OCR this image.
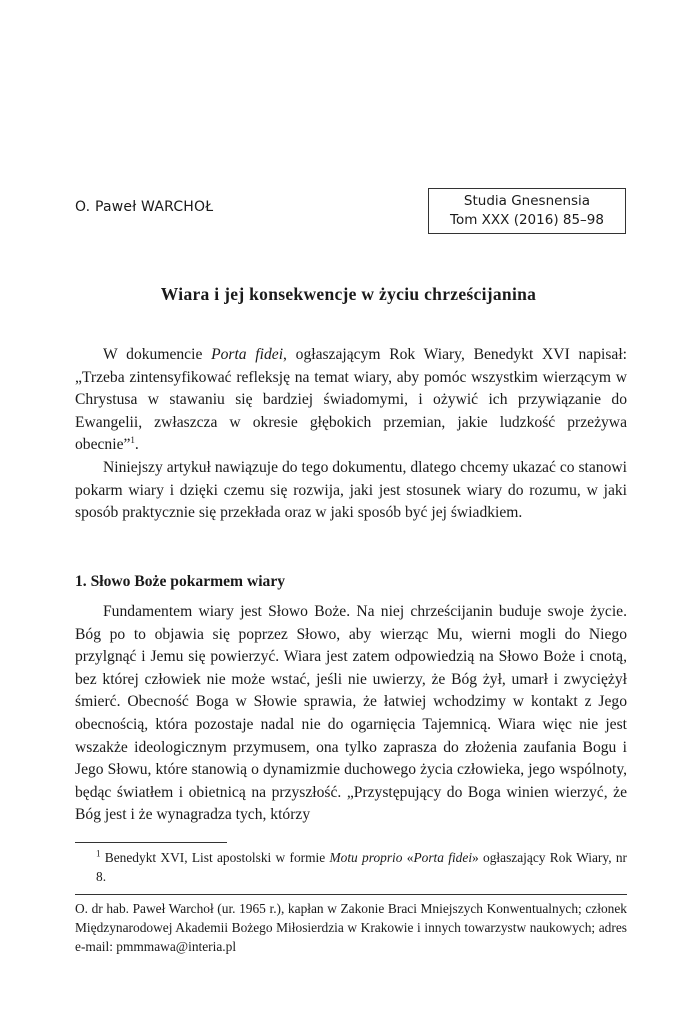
O. Paweł WARCHOŁ	Studia Gnesnensia
Tom XXX (2016) 85–98
Wiara i jej konsekwencje w życiu chrześcijanina

W dokumencie Porta fidei, ogłaszającym Rok Wiary, Benedykt XVI napisał: „Trzeba zintensyfikować refleksję na temat wiary, aby pomóc wszystkim wierzącym w Chrystusa w stawaniu się bardziej świadomymi, i ożywić ich przywiązanie do Ewangelii, zwłaszcza w okresie głębokich przemian, jakie ludzkość przeżywa obecnie”$^1$.

Niniejszy artykuł nawiązuje do tego dokumentu, dlatego chcemy ukazać co stanowi pokarm wiary i dzięki czemu się rozwija, jaki jest stosunek wiary do rozumu, w jaki sposób praktycznie się przekłada oraz w jaki sposób być jej świadkiem.

1. Słowo Boże pokarmem wiary

Fundamentem wiary jest Słowo Boże. Na niej chrześcijanin buduje swoje życie. Bóg po to objawia się poprzez Słowo, aby wierząc Mu, wierni mogli do Niego przylgnąć i Jemu się powierzyć. Wiara jest zatem odpowiedzią na Słowo Boże i cnotą, bez której człowiek nie może wstać, jeśli nie uwierzy, że Bóg żył, umarł i zwyciężył śmierć. Obecność Boga w Słowie sprawia, że łatwiej wchodzimy w kontakt z Jego obecnością, która pozostaje nadal nie do ogarnięcia Tajemnicą. Wiara więc nie jest wszakże ideologicznym przymusem, ona tylko zaprasza do złożenia zaufania Bogu i Jego Słowu, które stanowią o dynamizmie duchowego życia człowieka, jego wspólnoty, będąc światłem i obietnicą na przyszłość. „Przystępujący do Boga winien wierzyć, że Bóg jest i że wynagradza tych, którzy

$^1$ Benedykt XVI, List apostolski w formie Motu proprio «Porta fidei» ogłaszający Rok Wiary, nr 8.
O. dr hab. Paweł Warchoł (ur. 1965 r.), kapłan w Zakonie Braci Mniejszych Konwentualnych; członek Międzynarodowej Akademii Bożego Miłosierdzia w Krakowie i innych towarzystw naukowych; adres e-mail: pmmmawa@interia.pl
